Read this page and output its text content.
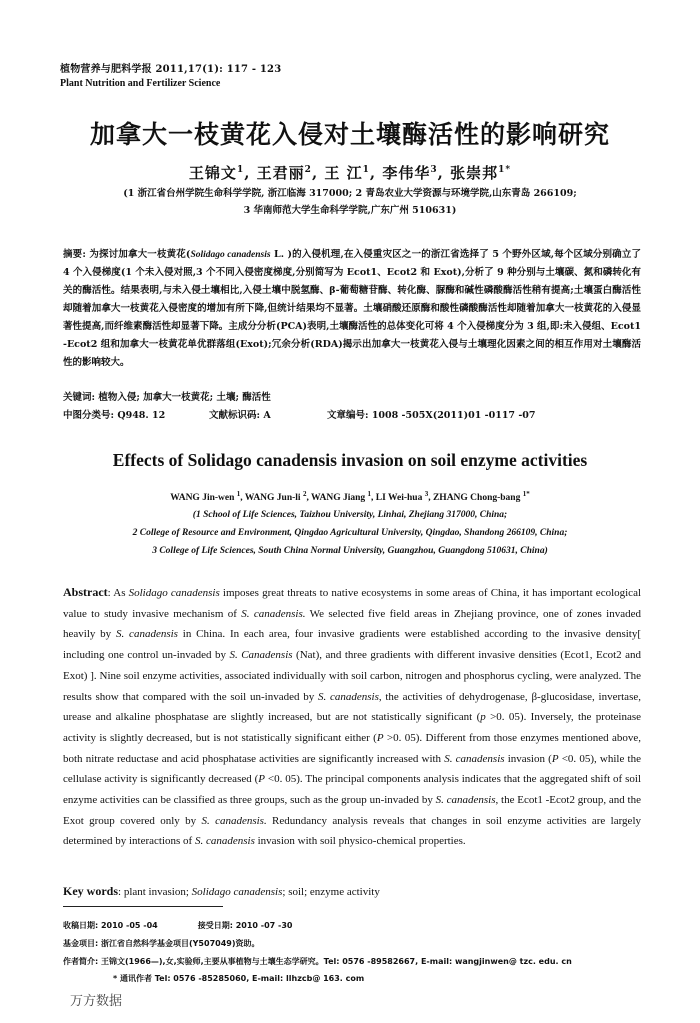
植物营养与肥料学报 2011,17(1): 117 - 123
Plant Nutrition and Fertilizer Science
加拿大一枝黄花入侵对土壤酶活性的影响研究
王锦文$^1$, 王君丽$^2$, 王 江$^1$, 李伟华$^3$, 张崇邦$^{1*}$
(1 浙江省台州学院生命科学学院, 浙江临海 317000; 2 青岛农业大学资源与环境学院,山东青岛 266109;
3 华南师范大学生命科学学院,广东广州 510631)
摘要: 为探讨加拿大一枝黄花(Solidago canadensis L. )的入侵机理,在入侵重灾区之一的浙江省选择了 5 个野外区域,每个区域分别确立了 4 个入侵梯度(1 个未入侵对照,3 个不同入侵密度梯度,分别简写为 Ecot1、Ecot2 和 Exot),分析了 9 种分别与土壤碳、氮和磷转化有关的酶活性。结果表明,与未入侵土壤相比,入侵土壤中脱氢酶、β-葡萄糖苷酶、转化酶、脲酶和碱性磷酸酶活性稍有提高;土壤蛋白酶活性却随着加拿大一枝黄花入侵密度的增加有所下降,但统计结果均不显著。土壤硝酸还原酶和酸性磷酸酶活性却随着加拿大一枝黄花的入侵显著性提高,而纤维素酶活性却显著下降。主成分分析(PCA)表明,土壤酶活性的总体变化可将 4 个入侵梯度分为 3 组,即:未入侵组、Ecot1 -Ecot2 组和加拿大一枝黄花单优群落组(Exot);冗余分析(RDA)揭示出加拿大一枝黄花入侵与土壤理化因素之间的相互作用对土壤酶活性的影响较大。
关键词: 植物入侵; 加拿大一枝黄花; 土壤; 酶活性
中图分类号: Q948. 12	文献标识码: A	文章编号: 1008 -505X(2011)01 -0117 -07
Effects of Solidago canadensis invasion on soil enzyme activities
WANG Jin-wen $^1$, WANG Jun-li $^2$, WANG Jiang $^1$, LI Wei-hua $^3$, ZHANG Chong-bang $^{1*}$
(1 School of Life Sciences, Taizhou University, Linhai, Zhejiang 317000, China;
2 College of Resource and Environment, Qingdao Agricultural University, Qingdao, Shandong 266109, China;
3 College of Life Sciences, South China Normal University, Guangzhou, Guangdong 510631, China)
Abstract: As Solidago canadensis imposes great threats to native ecosystems in some areas of China, it has important ecological value to study invasive mechanism of S. canadensis. We selected five field areas in Zhejiang province, one of zones invaded heavily by S. canadensis in China. In each area, four invasive gradients were established according to the invasive density[ including one control un-invaded by S. Canadensis (Nat), and three gradients with different invasive densities (Ecot1, Ecot2 and Exot) ]. Nine soil enzyme activities, associated individually with soil carbon, nitrogen and phosphorus cycling, were analyzed. The results show that compared with the soil un-invaded by S. canadensis, the activities of dehydrogenase, β-glucosidase, invertase, urease and alkaline phosphatase are slightly increased, but are not statistically significant (p >0. 05). Inversely, the proteinase activity is slightly decreased, but is not statistically significant either (P >0. 05). Different from those enzymes mentioned above, both nitrate reductase and acid phosphatase activities are significantly increased with S. canadensis invasion (P <0. 05), while the cellulase activity is significantly decreased (P <0. 05). The principal components analysis indicates that the aggregated shift of soil enzyme activities can be classified as three groups, such as the group un-invaded by S. canadensis, the Ecot1 -Ecot2 group, and the Exot group covered only by S. canadensis. Redundancy analysis reveals that changes in soil enzyme activities are largely determined by interactions of S. canadensis invasion with soil physico-chemical properties.
Key words: plant invasion; Solidago canadensis; soil; enzyme activity
收稿日期: 2010 -05 -04	接受日期: 2010 -07 -30
基金项目: 浙江省自然科学基金项目(Y507049)资助。
作者简介: 王锦文(1966—),女,实验师,主要从事植物与土壤生态学研究。Tel: 0576 -89582667, E-mail: wangjinwen@ tzc. edu. cn
* 通讯作者 Tel: 0576 -85285060, E-mail: llhzcb@ 163. com
万方数据
